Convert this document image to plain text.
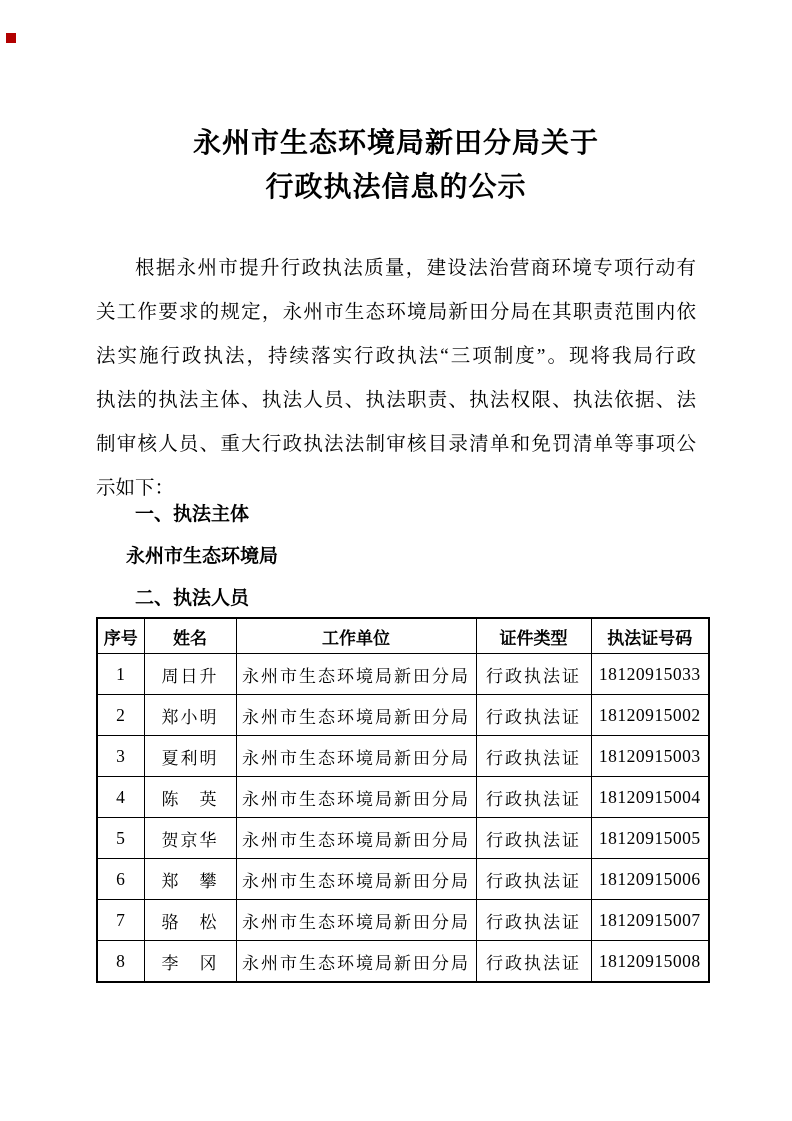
永州市生态环境局新田分局关于
行政执法信息的公示
根据永州市提升行政执法质量，建设法治营商环境专项行动有
关工作要求的规定，永州市生态环境局新田分局在其职责范围内依
法实施行政执法，持续落实行政执法“三项制度”。现将我局行政
执法的执法主体、执法人员、执法职责、执法权限、执法依据、法
制审核人员、重大行政执法法制审核目录清单和免罚清单等事项公
示如下：
一、执法主体
永州市生态环境局
二、执法人员
序号	姓名	工作单位	证件类型	执法证号码
1	周日升	永州市生态环境局新田分局	行政执法证	18120915033
2	郑小明	永州市生态环境局新田分局	行政执法证	18120915002
3	夏利明	永州市生态环境局新田分局	行政执法证	18120915003
4	陈　英	永州市生态环境局新田分局	行政执法证	18120915004
5	贺京华	永州市生态环境局新田分局	行政执法证	18120915005
6	郑　攀	永州市生态环境局新田分局	行政执法证	18120915006
7	骆　松	永州市生态环境局新田分局	行政执法证	18120915007
8	李　冈	永州市生态环境局新田分局	行政执法证	18120915008
